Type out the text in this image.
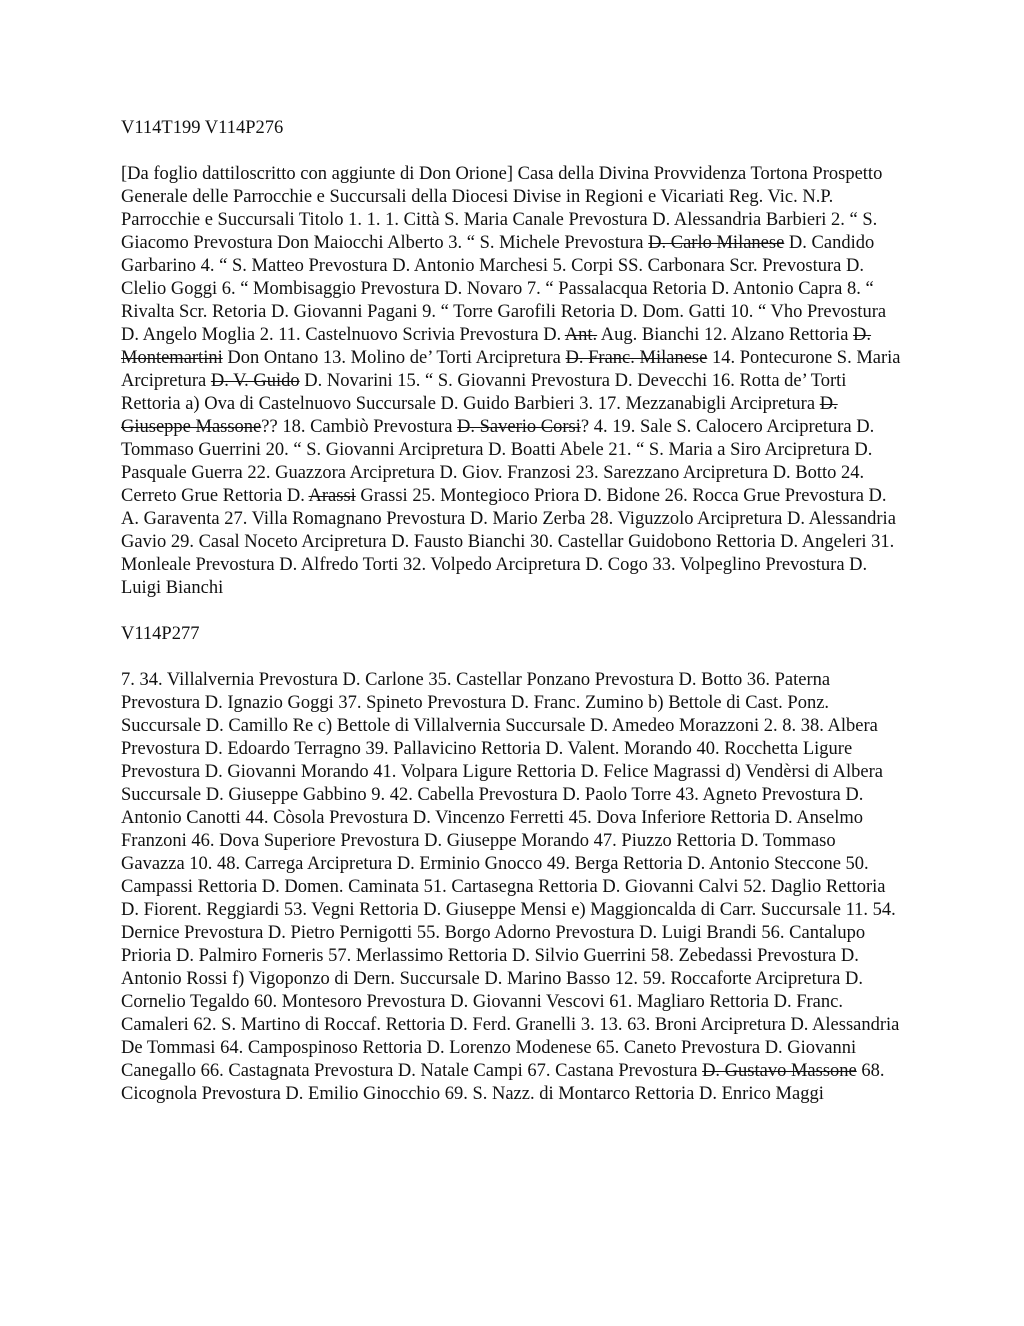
V114T199 V114P276

[Da foglio dattiloscritto con aggiunte di Don Orione] Casa della Divina Provvidenza Tortona Prospetto Generale delle Parrocchie e Succursali della Diocesi Divise in Regioni e Vicariati Reg. Vic. N.P. Parrocchie e Succursali Titolo 1. 1. 1. Città S. Maria Canale Prevostura D. Alessandria Barbieri 2. “ S. Giacomo Prevostura Don Maiocchi Alberto 3. “ S. Michele Prevostura D. Carlo Milanese D. Candido Garbarino 4. “ S. Matteo Prevostura D. Antonio Marchesi 5. Corpi SS. Carbonara Scr. Prevostura D. Clelio Goggi 6. “ Mombisaggio Prevostura D. Novaro 7. “ Passalacqua Retoria D. Antonio Capra 8. “ Rivalta Scr. Retoria D. Giovanni Pagani 9. “ Torre Garofili Retoria D. Dom. Gatti 10. “ Vho Prevostura D. Angelo Moglia 2. 11. Castelnuovo Scrivia Prevostura D. Ant. Aug. Bianchi 12. Alzano Rettoria D. Montemartini Don Ontano 13. Molino de’ Torti Arcipretura D. Franc. Milanese 14. Pontecurone S. Maria Arcipretura D. V. Guido D. Novarini 15. “ S. Giovanni Prevostura D. Devecchi 16. Rotta de’ Torti Rettoria a) Ova di Castelnuovo Succursale D. Guido Barbieri 3. 17. Mezzanabigli Arcipretura D. Giuseppe Massone?? 18. Cambiò Prevostura D. Saverio Corsi? 4. 19. Sale S. Calocero Arcipretura D. Tommaso Guerrini 20. “ S. Giovanni Arcipretura D. Boatti Abele 21. “ S. Maria a Siro Arcipretura D. Pasquale Guerra 22. Guazzora Arcipretura D. Giov. Franzosi 23. Sarezzano Arcipretura D. Botto 24. Cerreto Grue Rettoria D. Arassi Grassi 25. Montegioco Priora D. Bidone 26. Rocca Grue Prevostura D. A. Garaventa 27. Villa Romagnano Prevostura D. Mario Zerba 28. Viguzzolo Arcipretura D. Alessandria Gavio 29. Casal Noceto Arcipretura D. Fausto Bianchi 30. Castellar Guidobono Rettoria D. Angeleri 31. Monleale Prevostura D. Alfredo Torti 32. Volpedo Arcipretura D. Cogo 33. Volpeglino Prevostura D. Luigi Bianchi

V114P277

7. 34. Villalvernia Prevostura D. Carlone 35. Castellar Ponzano Prevostura D. Botto 36. Paterna Prevostura D. Ignazio Goggi 37. Spineto Prevostura D. Franc. Zumino b) Bettole di Cast. Ponz. Succursale D. Camillo Re c) Bettole di Villalvernia Succursale D. Amedeo Morazzoni 2. 8. 38. Albera Prevostura D. Edoardo Terragno 39. Pallavicino Rettoria D. Valent. Morando 40. Rocchetta Ligure Prevostura D. Giovanni Morando 41. Volpara Ligure Rettoria D. Felice Magrassi d) Vendèrsi di Albera Succursale D. Giuseppe Gabbino 9. 42. Cabella Prevostura D. Paolo Torre 43. Agneto Prevostura D. Antonio Canotti 44. Còsola Prevostura D. Vincenzo Ferretti 45. Dova Inferiore Rettoria D. Anselmo Franzoni 46. Dova Superiore Prevostura D. Giuseppe Morando 47. Piuzzo Rettoria D. Tommaso Gavazza 10. 48. Carrega Arcipretura D. Erminio Gnocco 49. Berga Rettoria D. Antonio Steccone 50. Campassi Rettoria D. Domen. Caminata 51. Cartasegna Rettoria D. Giovanni Calvi 52. Daglio Rettoria D. Fiorent. Reggiardi 53. Vegni Rettoria D. Giuseppe Mensi e) Maggioncalda di Carr. Succursale 11. 54. Dernice Prevostura D. Pietro Pernigotti 55. Borgo Adorno Prevostura D. Luigi Brandi 56. Cantalupo Prioria D. Palmiro Forneris 57. Merlassimo Rettoria D. Silvio Guerrini 58. Zebedassi Prevostura D. Antonio Rossi f) Vigoponzo di Dern. Succursale D. Marino Basso 12. 59. Roccaforte Arcipretura D. Cornelio Tegaldo 60. Montesoro Prevostura D. Giovanni Vescovi 61. Magliaro Rettoria D. Franc. Camaleri 62. S. Martino di Roccaf. Rettoria D. Ferd. Granelli 3. 13. 63. Broni Arcipretura D. Alessandria De Tommasi 64. Campospinoso Rettoria D. Lorenzo Modenese 65. Caneto Prevostura D. Giovanni Canegallo 66. Castagnata Prevostura D. Natale Campi 67. Castana Prevostura D. Gustavo Massone 68. Cicognola Prevostura D. Emilio Ginocchio 69. S. Nazz. di Montarco Rettoria D. Enrico Maggi
